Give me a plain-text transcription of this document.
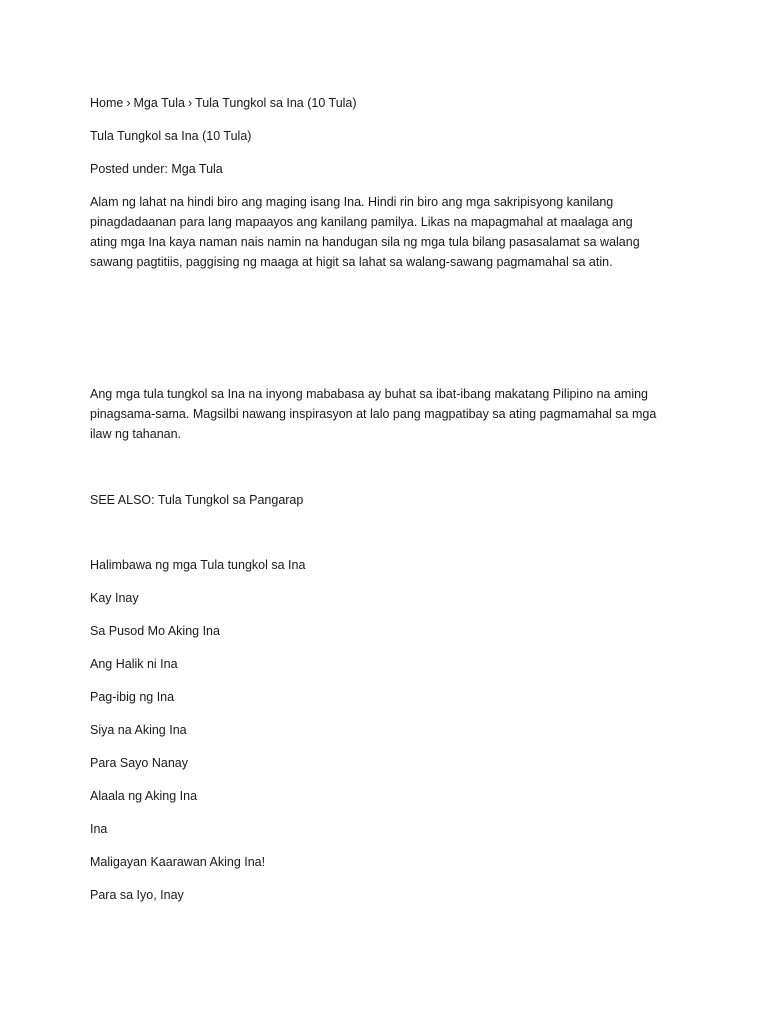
Home › Mga Tula › Tula Tungkol sa Ina (10 Tula)

Tula Tungkol sa Ina (10 Tula)

Posted under: Mga Tula

Alam ng lahat na hindi biro ang maging isang Ina. Hindi rin biro ang mga sakripisyong kanilang pinagdadaanan para lang mapaayos ang kanilang pamilya. Likas na mapagmahal at maalaga ang ating mga Ina kaya naman nais namin na handugan sila ng mga tula bilang pasasalamat sa walang sawang pagtitiis, paggising ng maaga at higit sa lahat sa walang-sawang pagmamahal sa atin.

Ang mga tula tungkol sa Ina na inyong mababasa ay buhat sa ibat-ibang makatang Pilipino na aming pinagsama-sama. Magsilbi nawang inspirasyon at lalo pang magpatibay sa ating pagmamahal sa mga ilaw ng tahanan.

SEE ALSO: Tula Tungkol sa Pangarap

Halimbawa ng mga Tula tungkol sa Ina

Kay Inay
Sa Pusod Mo Aking Ina
Ang Halik ni Ina
Pag-ibig ng Ina
Siya na Aking Ina
Para Sayo Nanay
Alaala ng Aking Ina
Ina
Maligayan Kaarawan Aking Ina!
Para sa Iyo, Inay
